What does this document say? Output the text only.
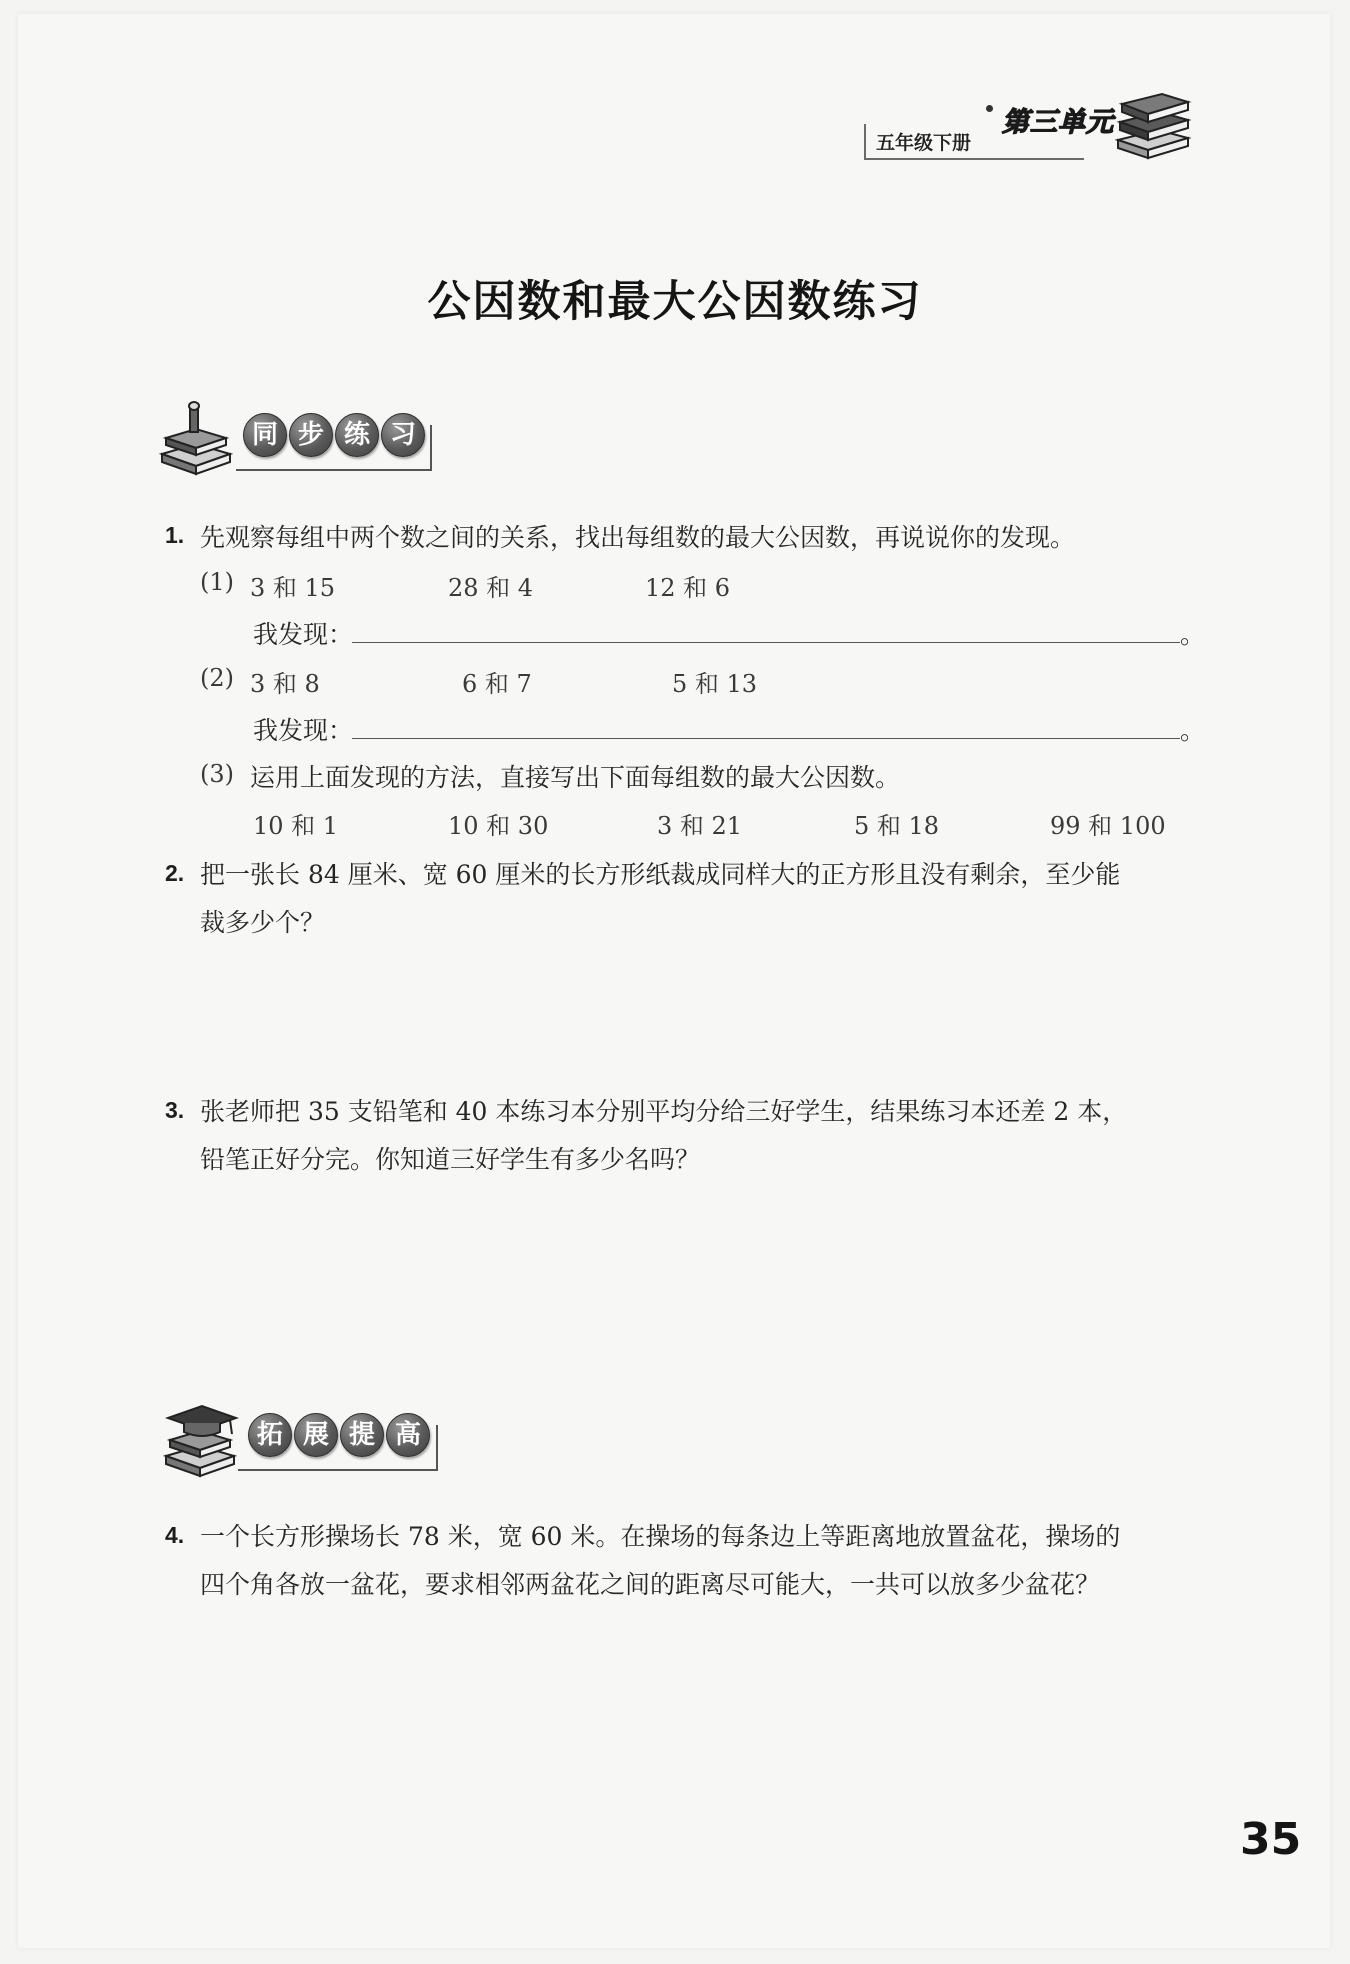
五年级下册
第三单元
公因数和最大公因数练习
同 步 练 习
1. 先观察每组中两个数之间的关系，找出每组数的最大公因数，再说说你的发现。
(1) 3 和 15	28 和 4	12 和 6
我发现：	。
(2) 3 和 8	6 和 7	5 和 13
我发现：	。
(3) 运用上面发现的方法，直接写出下面每组数的最大公因数。
10 和 1	10 和 30	3 和 21	5 和 18	99 和 100
2. 把一张长 84 厘米、宽 60 厘米的长方形纸裁成同样大的正方形且没有剩余，至少能
裁多少个？
3. 张老师把 35 支铅笔和 40 本练习本分别平均分给三好学生，结果练习本还差 2 本，
铅笔正好分完。你知道三好学生有多少名吗？
拓 展 提 高
4. 一个长方形操场长 78 米，宽 60 米。在操场的每条边上等距离地放置盆花，操场的
四个角各放一盆花，要求相邻两盆花之间的距离尽可能大，一共可以放多少盆花？
35
